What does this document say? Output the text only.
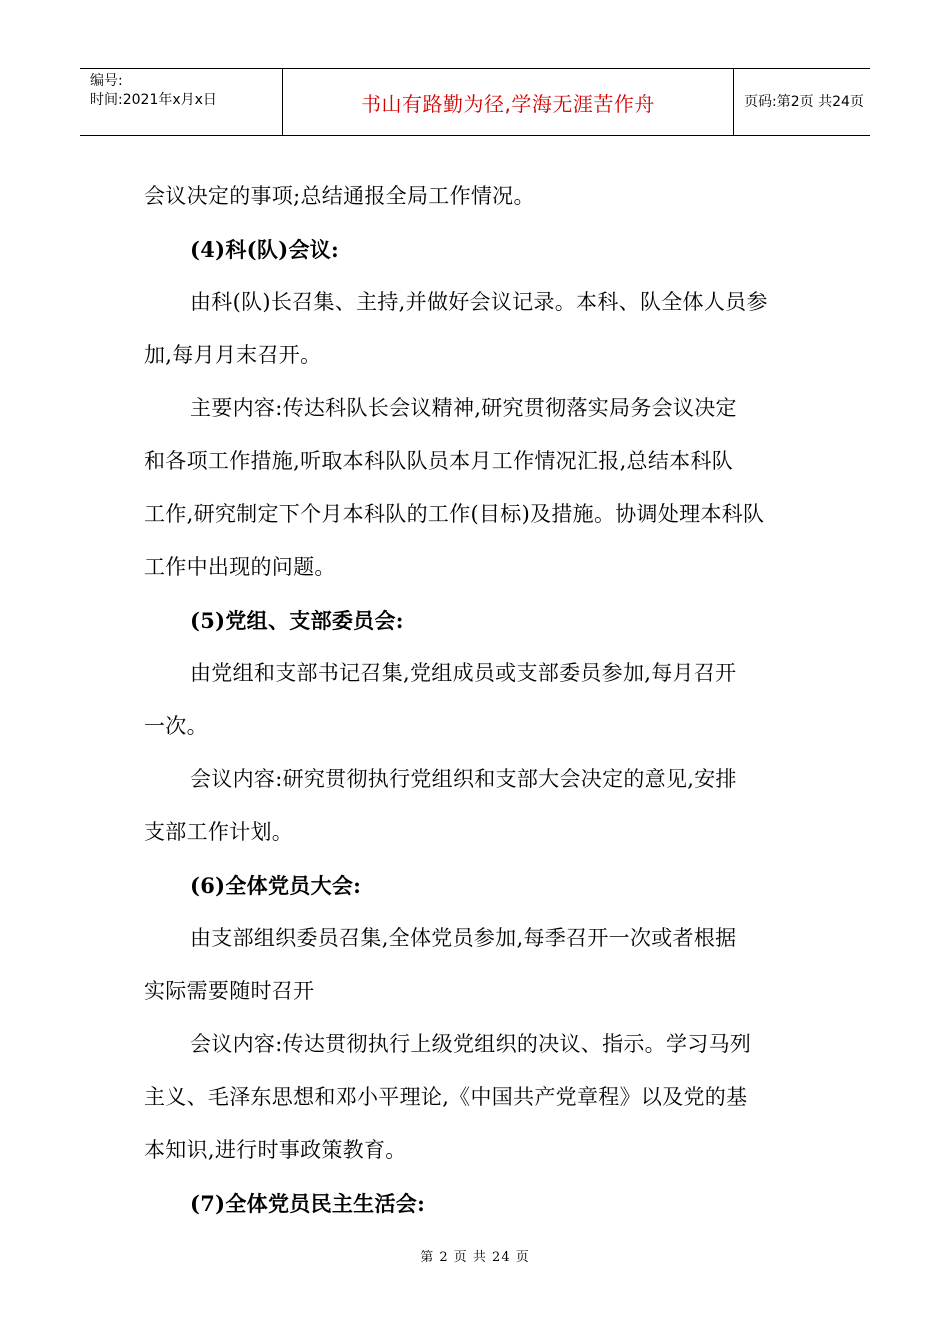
编号:
时间:2021年x月x日	书山有路勤为径,学海无涯苦作舟	页码:第2页 共24页

会议决定的事项;总结通报全局工作情况。

(4)科(队)会议:

由科(队)长召集、主持,并做好会议记录。本科、队全体人员参

加,每月月末召开。

主要内容:传达科队长会议精神,研究贯彻落实局务会议决定

和各项工作措施,听取本科队队员本月工作情况汇报,总结本科队

工作,研究制定下个月本科队的工作(目标)及措施。协调处理本科队

工作中出现的问题。

(5)党组、支部委员会:

由党组和支部书记召集,党组成员或支部委员参加,每月召开

一次。

会议内容:研究贯彻执行党组织和支部大会决定的意见,安排

支部工作计划。

(6)全体党员大会:

由支部组织委员召集,全体党员参加,每季召开一次或者根据

实际需要随时召开

会议内容:传达贯彻执行上级党组织的决议、指示。学习马列

主义、毛泽东思想和邓小平理论,《中国共产党章程》以及党的基

本知识,进行时事政策教育。

(7)全体党员民主生活会:

第 2 页 共 24 页
